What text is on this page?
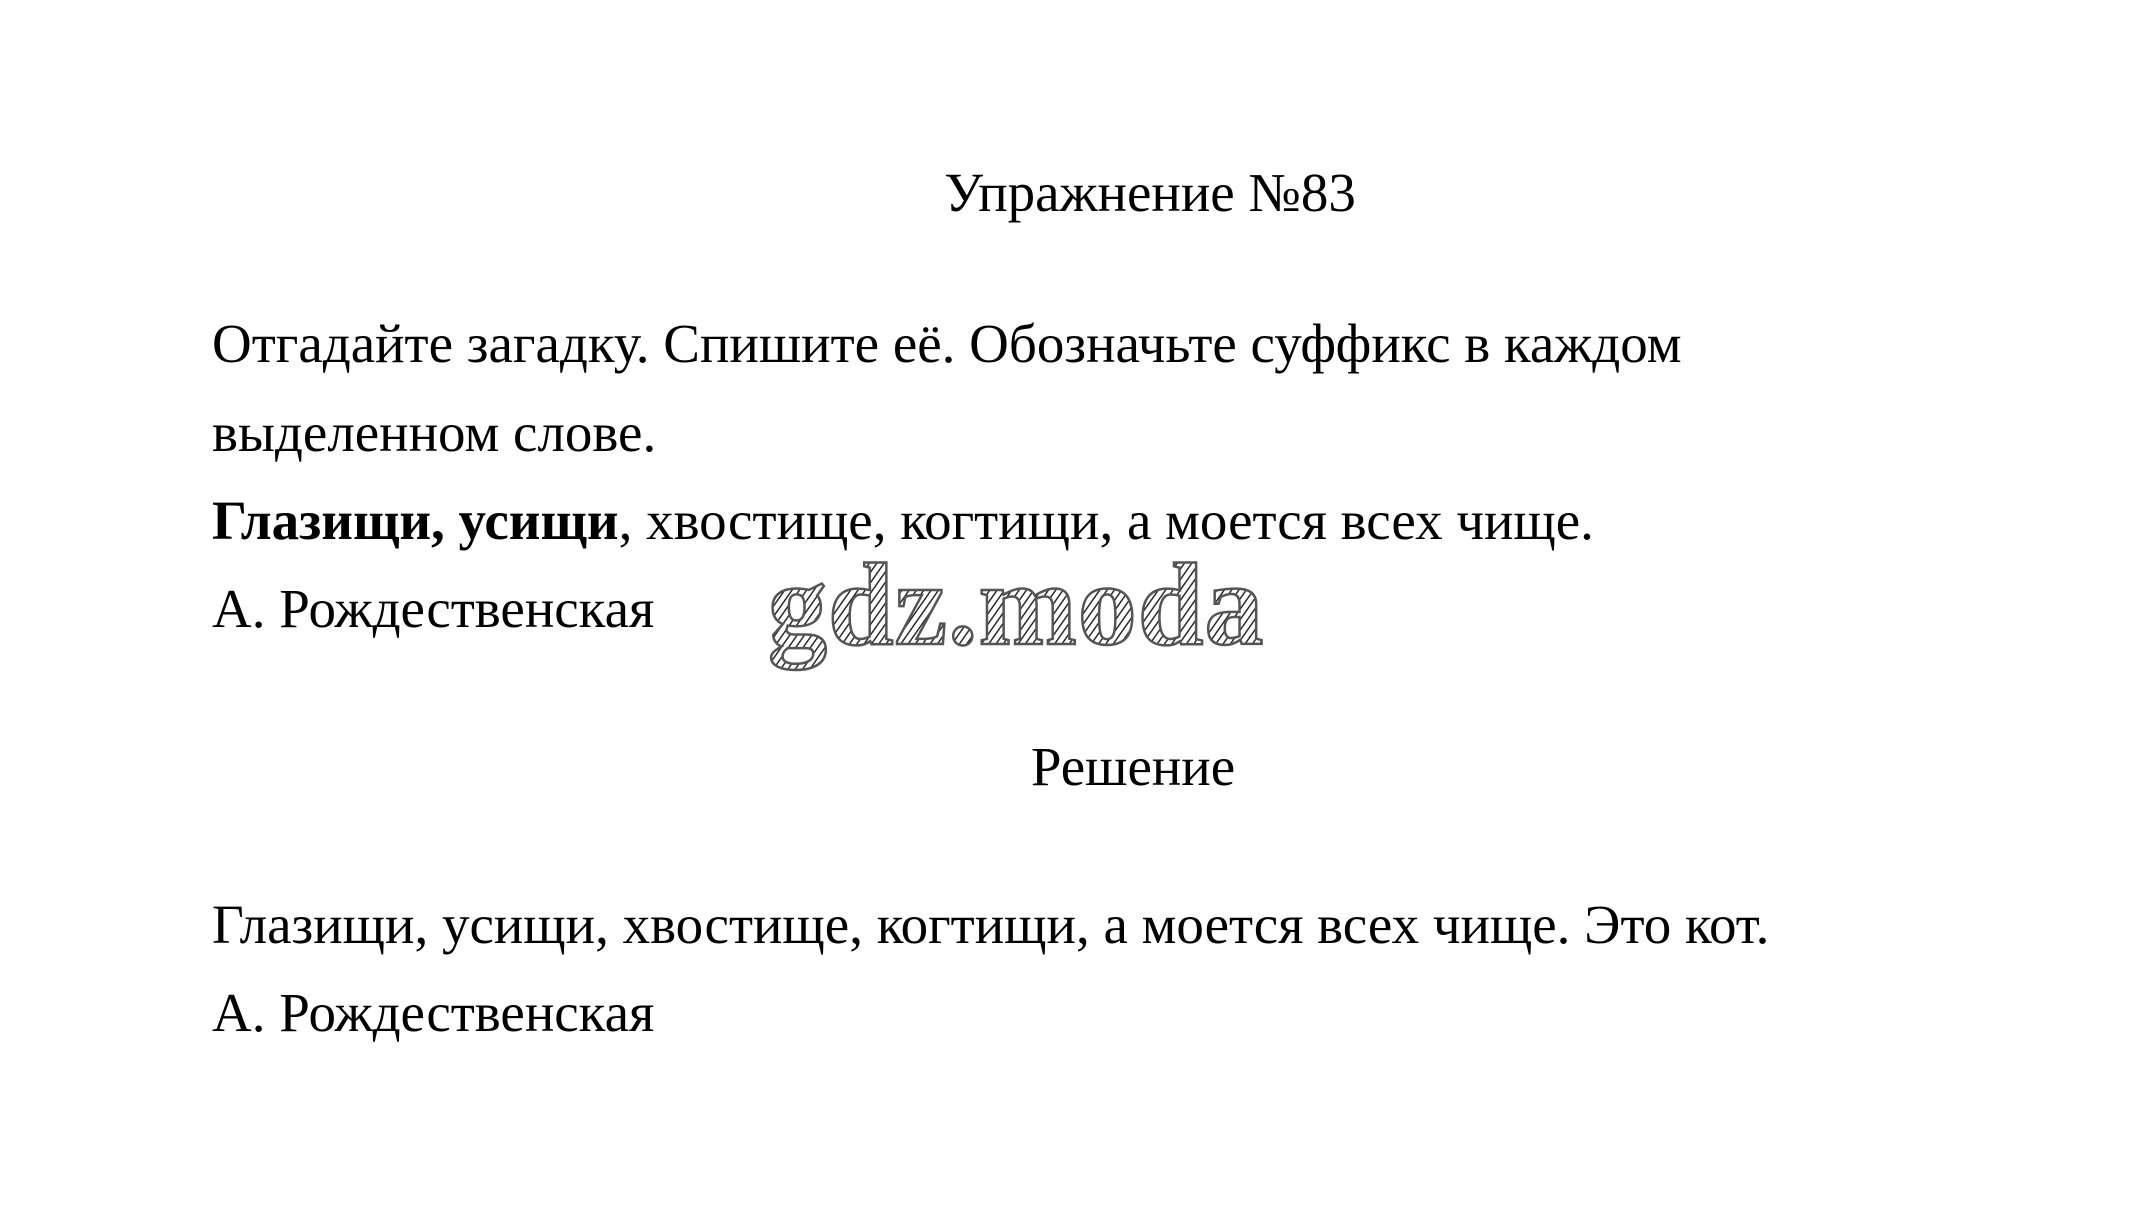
Упражнение №83
Отгадайте загадку. Спишите её. Обозначьте суффикс в каждом
выделенном слове.
Глазищи, усищи, хвостище, когтищи, а моется всех чище.
А. Рождественская gdz.moda
Решение
Глазищи, усищи, хвостище, когтищи, а моется всех чище. Это кот.
А. Рождественская
